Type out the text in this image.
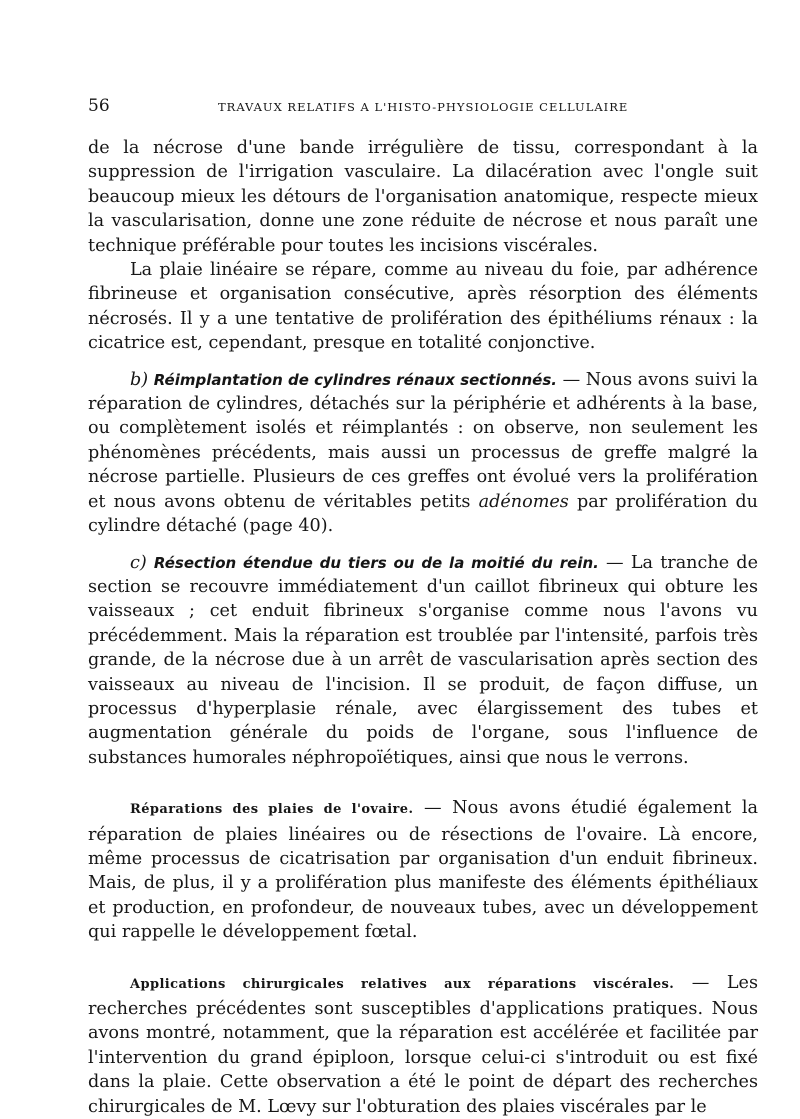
56	TRAVAUX RELATIFS A L'HISTO-PHYSIOLOGIE CELLULAIRE

de la nécrose d'une bande irrégulière de tissu, correspondant à la suppression de l'irrigation vasculaire. La dilacération avec l'ongle suit beaucoup mieux les détours de l'organisation anatomique, respecte mieux la vascularisation, donne une zone réduite de nécrose et nous paraît une technique préférable pour toutes les incisions viscérales.

La plaie linéaire se répare, comme au niveau du foie, par adhérence fibrineuse et organisation consécutive, après résorption des éléments nécrosés. Il y a une tentative de prolifération des épithéliums rénaux : la cicatrice est, cependant, presque en totalité conjonctive.

b) Réimplantation de cylindres rénaux sectionnés. — Nous avons suivi la réparation de cylindres, détachés sur la périphérie et adhérents à la base, ou complètement isolés et réimplantés : on observe, non seulement les phénomènes précédents, mais aussi un processus de greffe malgré la nécrose partielle. Plusieurs de ces greffes ont évolué vers la prolifération et nous avons obtenu de véritables petits adénomes par prolifération du cylindre détaché (page 40).

c) Résection étendue du tiers ou de la moitié du rein. — La tranche de section se recouvre immédiatement d'un caillot fibrineux qui obture les vaisseaux ; cet enduit fibrineux s'organise comme nous l'avons vu précédemment. Mais la réparation est troublée par l'intensité, parfois très grande, de la nécrose due à un arrêt de vascularisation après section des vaisseaux au niveau de l'incision. Il se produit, de façon diffuse, un processus d'hyperplasie rénale, avec élargissement des tubes et augmentation générale du poids de l'organe, sous l'influence de substances humorales néphropoïétiques, ainsi que nous le verrons.

Réparations des plaies de l'ovaire. — Nous avons étudié également la réparation de plaies linéaires ou de résections de l'ovaire. Là encore, même processus de cicatrisation par organisation d'un enduit fibrineux. Mais, de plus, il y a prolifération plus manifeste des éléments épithéliaux et production, en profondeur, de nouveaux tubes, avec un développement qui rappelle le développement fœtal.

Applications chirurgicales relatives aux réparations viscérales. — Les recherches précédentes sont susceptibles d'applications pratiques. Nous avons montré, notamment, que la réparation est accélérée et facilitée par l'intervention du grand épiploon, lorsque celui-ci s'introduit ou est fixé dans la plaie. Cette observation a été le point de départ des recherches chirurgicales de M. Lœvy sur l'obturation des plaies viscérales par le
